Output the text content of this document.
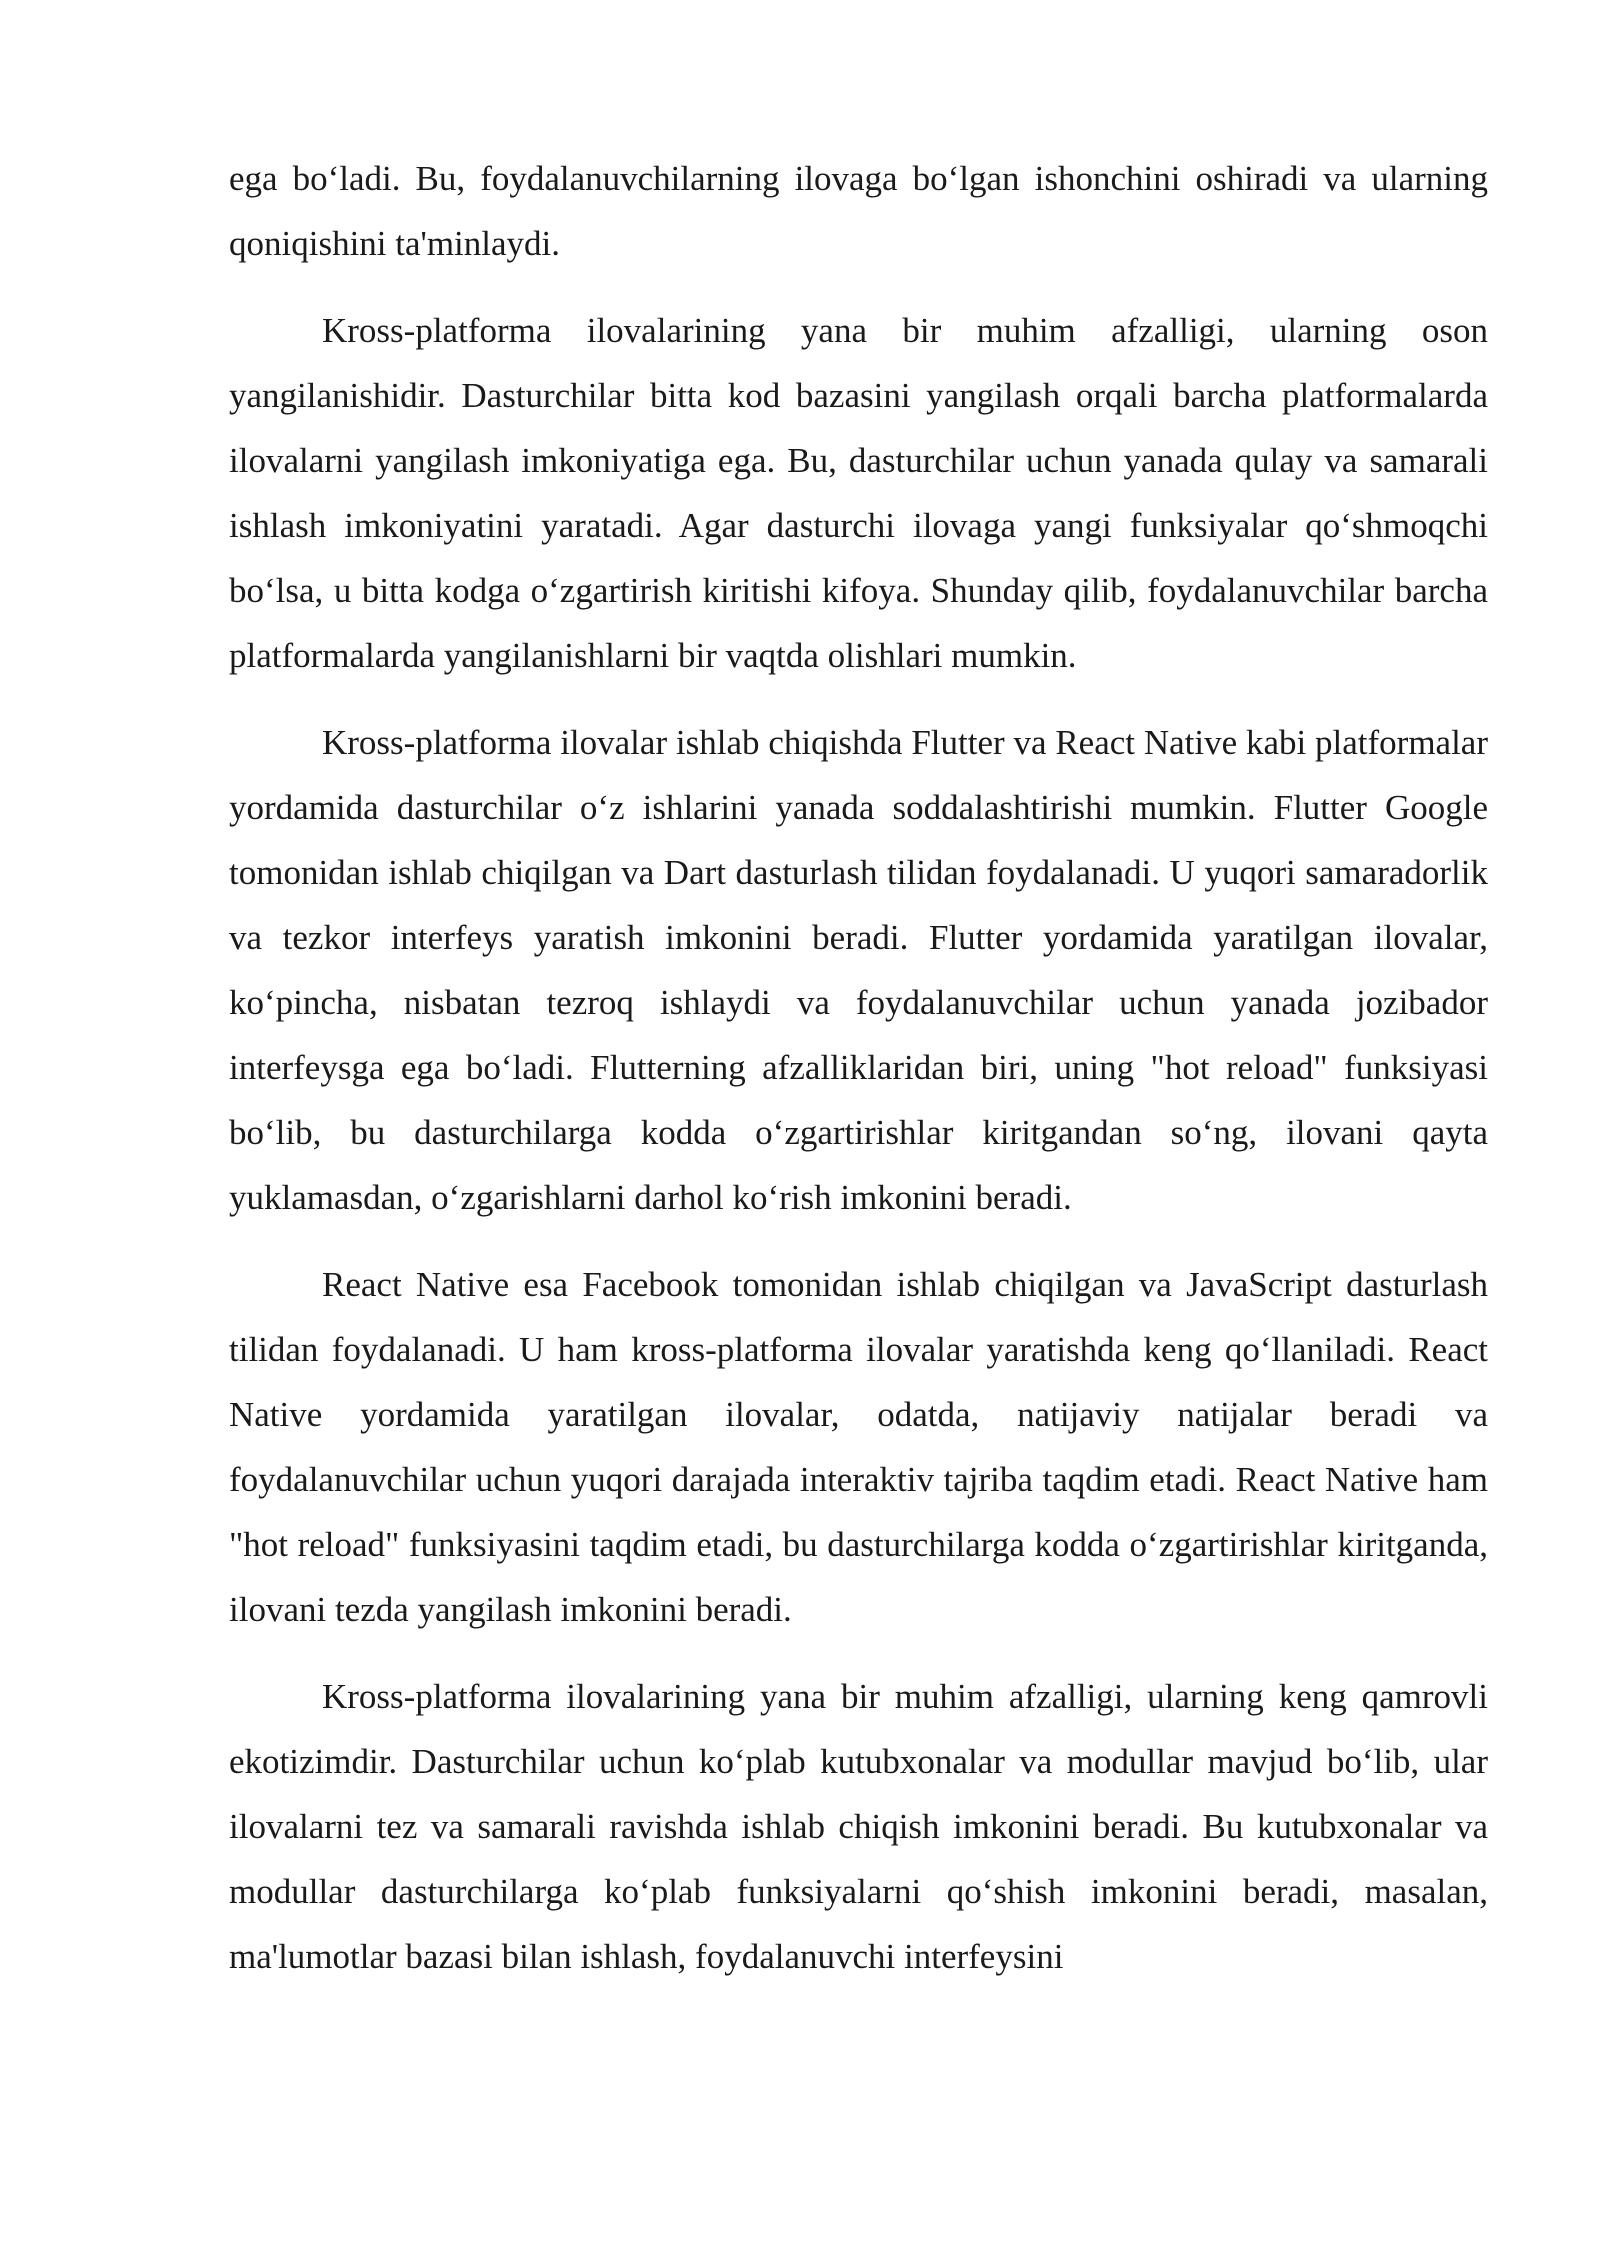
ega boʻladi. Bu, foydalanuvchilarning ilovaga boʻlgan ishonchini oshiradi va ularning qoniqishini ta'minlaydi.

Kross-platforma ilovalarining yana bir muhim afzalligi, ularning oson yangilanishidir. Dasturchilar bitta kod bazasini yangilash orqali barcha platformalarda ilovalarni yangilash imkoniyatiga ega. Bu, dasturchilar uchun yanada qulay va samarali ishlash imkoniyatini yaratadi. Agar dasturchi ilovaga yangi funksiyalar qoʻshmoqchi boʻlsa, u bitta kodga oʻzgartirish kiritishi kifoya. Shunday qilib, foydalanuvchilar barcha platformalarda yangilanishlarni bir vaqtda olishlari mumkin.

Kross-platforma ilovalar ishlab chiqishda Flutter va React Native kabi platformalar yordamida dasturchilar oʻz ishlarini yanada soddalashtirishi mumkin. Flutter Google tomonidan ishlab chiqilgan va Dart dasturlash tilidan foydalanadi. U yuqori samaradorlik va tezkor interfeys yaratish imkonini beradi. Flutter yordamida yaratilgan ilovalar, koʻpincha, nisbatan tezroq ishlaydi va foydalanuvchilar uchun yanada jozibador interfeysga ega boʻladi. Flutterning afzalliklaridan biri, uning "hot reload" funksiyasi boʻlib, bu dasturchilarga kodda oʻzgartirishlar kiritgandan soʻng, ilovani qayta yuklamasdan, oʻzgarishlarni darhol koʻrish imkonini beradi.

React Native esa Facebook tomonidan ishlab chiqilgan va JavaScript dasturlash tilidan foydalanadi. U ham kross-platforma ilovalar yaratishda keng qoʻllaniladi. React Native yordamida yaratilgan ilovalar, odatda, natijaviy natijalar beradi va foydalanuvchilar uchun yuqori darajada interaktiv tajriba taqdim etadi. React Native ham "hot reload" funksiyasini taqdim etadi, bu dasturchilarga kodda oʻzgartirishlar kiritganda, ilovani tezda yangilash imkonini beradi.

Kross-platforma ilovalarining yana bir muhim afzalligi, ularning keng qamrovli ekotizimdir. Dasturchilar uchun koʻplab kutubxonalar va modullar mavjud boʻlib, ular ilovalarni tez va samarali ravishda ishlab chiqish imkonini beradi. Bu kutubxonalar va modullar dasturchilarga koʻplab funksiyalarni qoʻshish imkonini beradi, masalan, ma'lumotlar bazasi bilan ishlash, foydalanuvchi interfeysini
